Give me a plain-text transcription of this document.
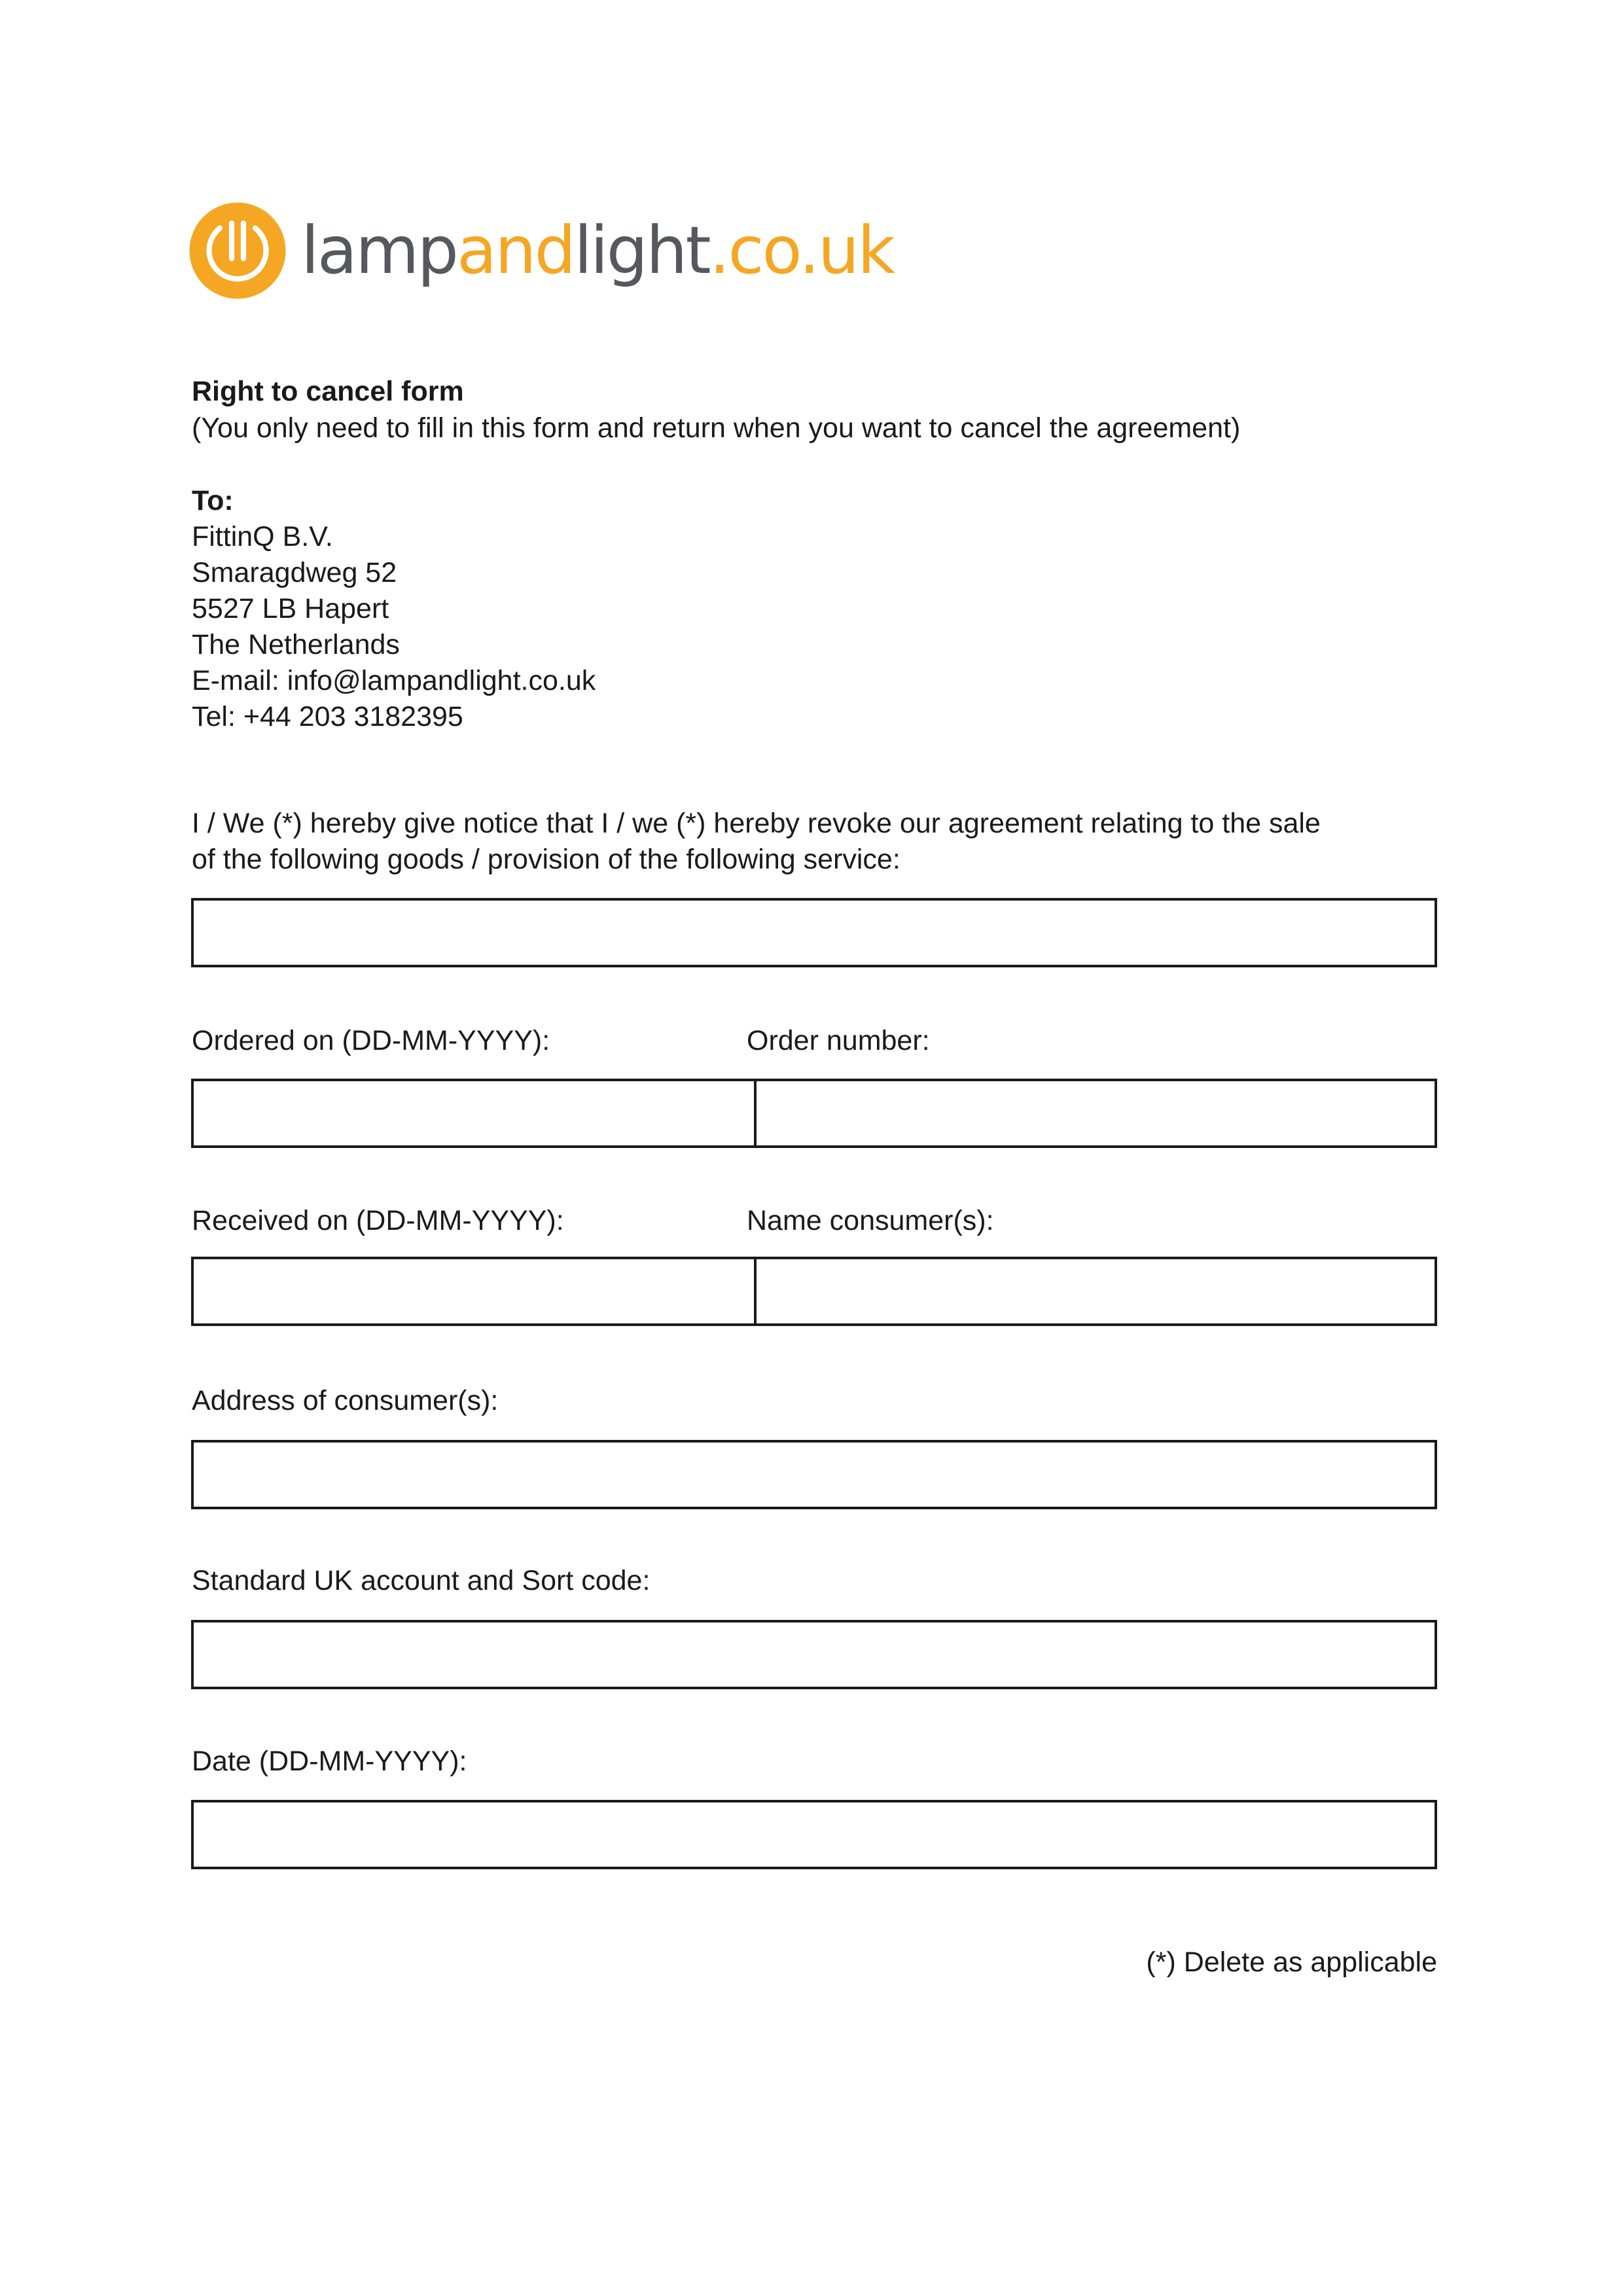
lampandlight.co.uk

Right to cancel form

(You only need to fill in this form and return when you want to cancel the agreement)

To:

FittinQ B.V.

Smaragdweg 52

5527 LB Hapert

The Netherlands

E-mail: info@lampandlight.co.uk

Tel: +44 203 3182395

I / We (*) hereby give notice that I / we (*) hereby revoke our agreement relating to the sale

of the following goods / provision of the following service:

Ordered on (DD-MM-YYYY):	Order number:

Received on (DD-MM-YYYY):	Name consumer(s):

Address of consumer(s):

Standard UK account and Sort code:

Date (DD-MM-YYYY):

(*) Delete as applicable
